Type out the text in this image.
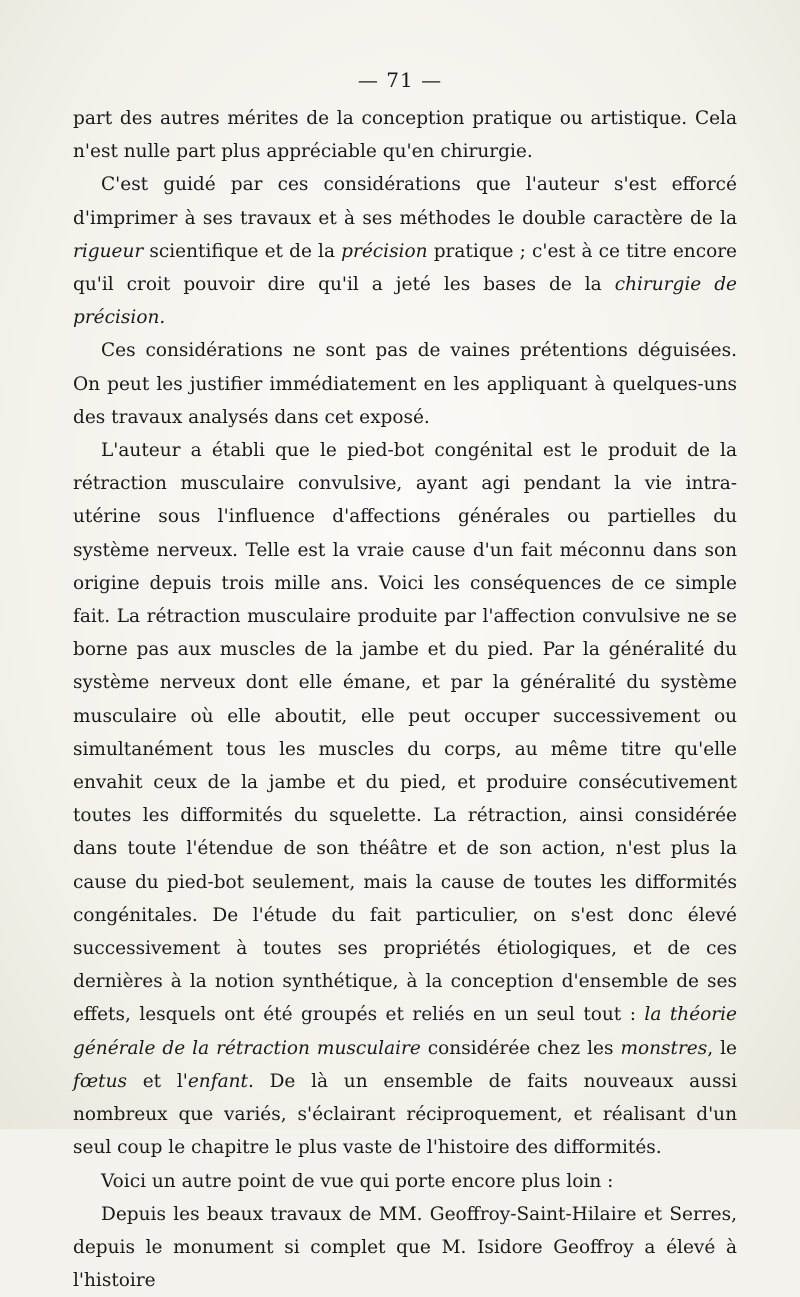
— 71 —

part des autres mérites de la conception pratique ou artistique. Cela n'est nulle part plus appréciable qu'en chirurgie.

C'est guidé par ces considérations que l'auteur s'est efforcé d'imprimer à ses travaux et à ses méthodes le double caractère de la rigueur scientifique et de la précision pratique ; c'est à ce titre encore qu'il croit pouvoir dire qu'il a jeté les bases de la chirurgie de précision.

Ces considérations ne sont pas de vaines prétentions déguisées. On peut les justifier immédiatement en les appliquant à quelques-uns des travaux analysés dans cet exposé.

L'auteur a établi que le pied-bot congénital est le produit de la rétraction musculaire convulsive, ayant agi pendant la vie intra-utérine sous l'influence d'affections générales ou partielles du système nerveux. Telle est la vraie cause d'un fait méconnu dans son origine depuis trois mille ans. Voici les conséquences de ce simple fait. La rétraction musculaire produite par l'affection convulsive ne se borne pas aux muscles de la jambe et du pied. Par la généralité du système nerveux dont elle émane, et par la généralité du système musculaire où elle aboutit, elle peut occuper successivement ou simultanément tous les muscles du corps, au même titre qu'elle envahit ceux de la jambe et du pied, et produire consécutivement toutes les difformités du squelette. La rétraction, ainsi considérée dans toute l'étendue de son théâtre et de son action, n'est plus la cause du pied-bot seulement, mais la cause de toutes les difformités congénitales. De l'étude du fait particulier, on s'est donc élevé successivement à toutes ses propriétés étiologiques, et de ces dernières à la notion synthétique, à la conception d'ensemble de ses effets, lesquels ont été groupés et reliés en un seul tout : la théorie générale de la rétraction musculaire considérée chez les monstres, le fœtus et l'enfant. De là un ensemble de faits nouveaux aussi nombreux que variés, s'éclairant réciproquement, et réalisant d'un seul coup le chapitre le plus vaste de l'histoire des difformités.

Voici un autre point de vue qui porte encore plus loin :

Depuis les beaux travaux de MM. Geoffroy-Saint-Hilaire et Serres, depuis le monument si complet que M. Isidore Geoffroy a élevé à l'histoire
